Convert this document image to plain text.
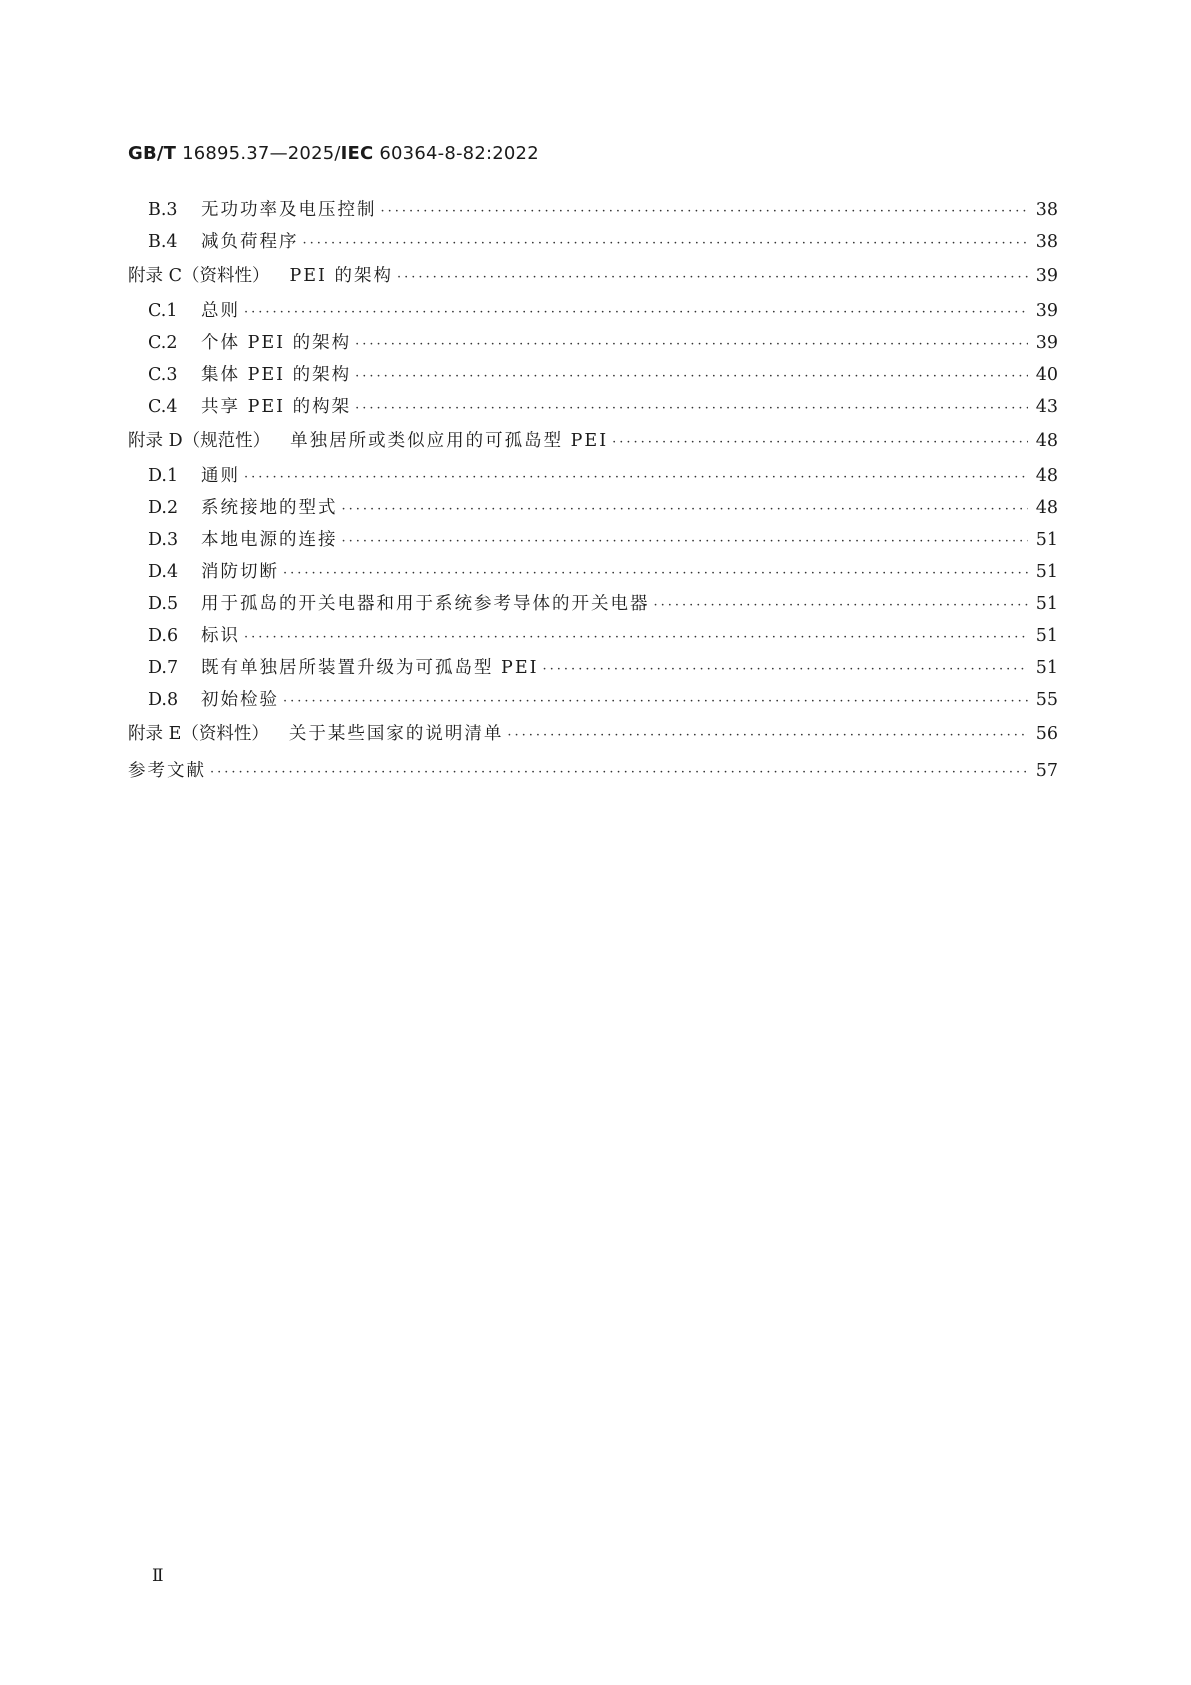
GB/T 16895.37—2025/IEC 60364-8-82:2022
B.3	无功功率及电压控制 ·····	38
B.4	减负荷程序 ·····	38
附录 C（资料性） PEI 的架构 ·····	39
C.1	总则 ·····	39
C.2	个体 PEI 的架构 ·····	39
C.3	集体 PEI 的架构 ·····	40
C.4	共享 PEI 的构架 ·····	43
附录 D（规范性） 单独居所或类似应用的可孤岛型 PEI ·····	48
D.1	通则 ·····	48
D.2	系统接地的型式 ·····	48
D.3	本地电源的连接 ·····	51
D.4	消防切断 ·····	51
D.5	用于孤岛的开关电器和用于系统参考导体的开关电器 ·····	51
D.6	标识 ·····	51
D.7	既有单独居所装置升级为可孤岛型 PEI ·····	51
D.8	初始检验 ·····	55
附录 E（资料性） 关于某些国家的说明清单 ·····	56
参考文献 ·····	57
Ⅱ
